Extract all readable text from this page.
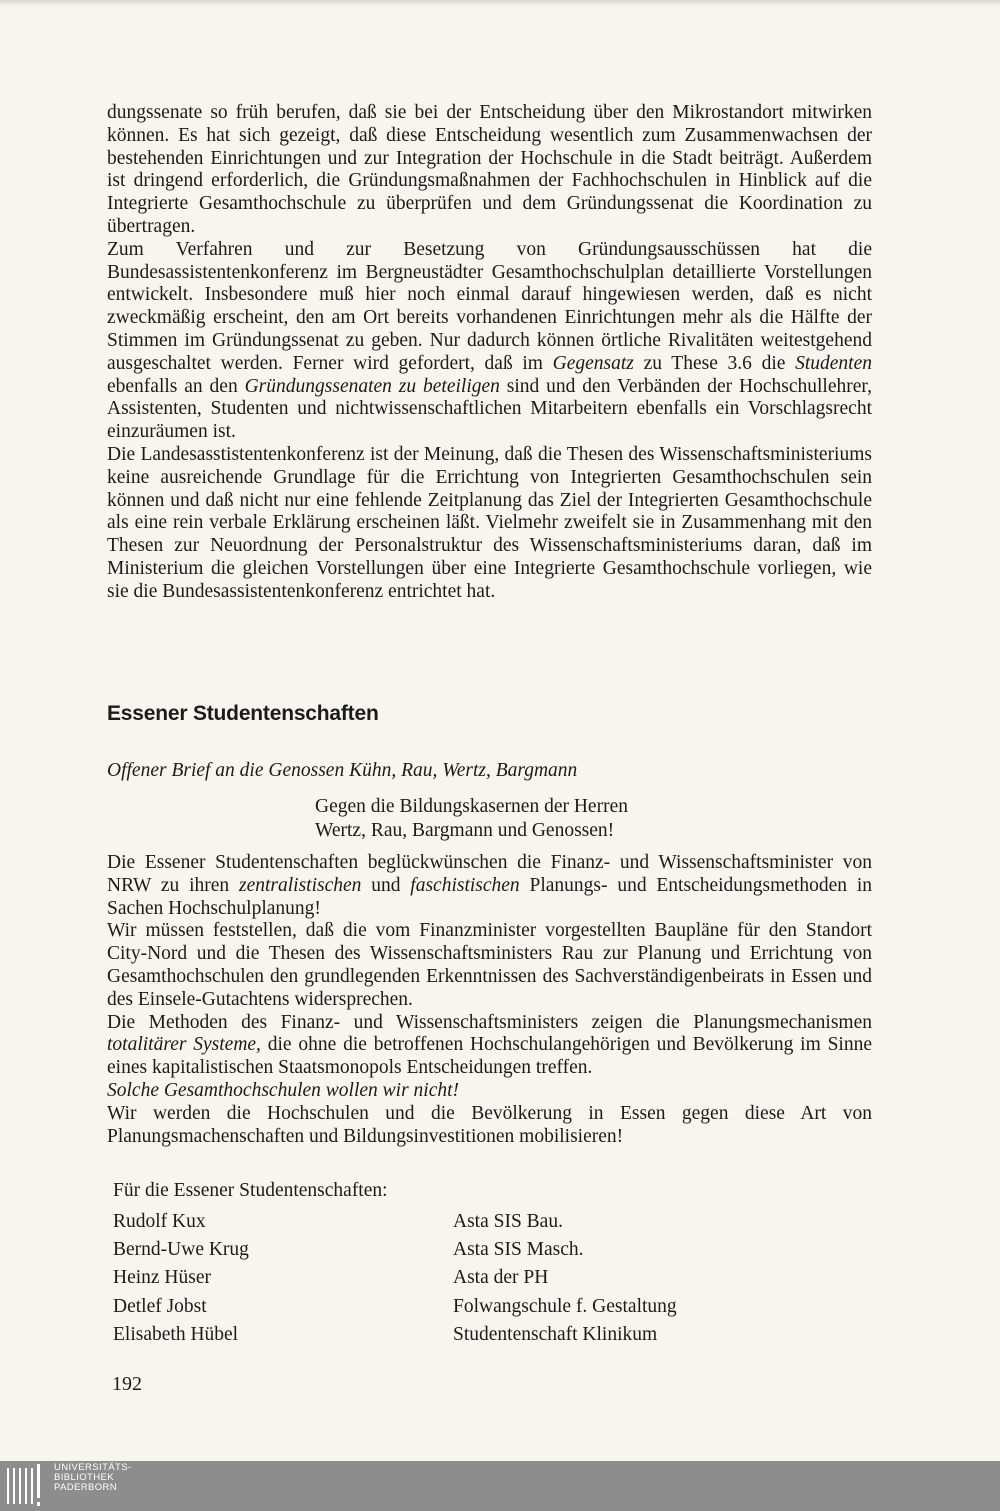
dungssenate so früh berufen, daß sie bei der Entscheidung über den Mikrostandort mitwirken können. Es hat sich gezeigt, daß diese Entscheidung wesentlich zum Zusammenwachsen der bestehenden Einrichtungen und zur Integration der Hochschule in die Stadt beiträgt. Außerdem ist dringend erforderlich, die Gründungsmaßnahmen der Fachhochschulen in Hinblick auf die Integrierte Gesamthochschule zu überprüfen und dem Gründungssenat die Koordination zu übertragen.

Zum Verfahren und zur Besetzung von Gründungsausschüssen hat die Bundesassistentenkonferenz im Bergneustädter Gesamthochschulplan detaillierte Vorstellungen entwickelt. Insbesondere muß hier noch einmal darauf hingewiesen werden, daß es nicht zweckmäßig erscheint, den am Ort bereits vorhandenen Einrichtungen mehr als die Hälfte der Stimmen im Gründungssenat zu geben. Nur dadurch können örtliche Rivalitäten weitestgehend ausgeschaltet werden. Ferner wird gefordert, daß im Gegensatz zu These 3.6 die Studenten ebenfalls an den Gründungssenaten zu beteiligen sind und den Verbänden der Hochschullehrer, Assistenten, Studenten und nichtwissenschaftlichen Mitarbeitern ebenfalls ein Vorschlagsrecht einzuräumen ist.

Die Landesasstistentenkonferenz ist der Meinung, daß die Thesen des Wissenschaftsministeriums keine ausreichende Grundlage für die Errichtung von Integrierten Gesamthochschulen sein können und daß nicht nur eine fehlende Zeitplanung das Ziel der Integrierten Gesamthochschule als eine rein verbale Erklärung erscheinen läßt. Vielmehr zweifelt sie in Zusammenhang mit den Thesen zur Neuordnung der Personalstruktur des Wissenschaftsministeriums daran, daß im Ministerium die gleichen Vorstellungen über eine Integrierte Gesamthochschule vorliegen, wie sie die Bundesassistentenkonferenz entrichtet hat.

Essener Studentenschaften

Offener Brief an die Genossen Kühn, Rau, Wertz, Bargmann

Gegen die Bildungskasernen der Herren
Wertz, Rau, Bargmann und Genossen!

Die Essener Studentenschaften beglückwünschen die Finanz- und Wissenschaftsminister von NRW zu ihren zentralistischen und faschistischen Planungs- und Entscheidungsmethoden in Sachen Hochschulplanung!

Wir müssen feststellen, daß die vom Finanzminister vorgestellten Baupläne für den Standort City-Nord und die Thesen des Wissenschaftsministers Rau zur Planung und Errichtung von Gesamthochschulen den grundlegenden Erkenntnissen des Sachverständigenbeirats in Essen und des Einsele-Gutachtens widersprechen.

Die Methoden des Finanz- und Wissenschaftsministers zeigen die Planungsmechanismen totalitärer Systeme, die ohne die betroffenen Hochschulangehörigen und Bevölkerung im Sinne eines kapitalistischen Staatsmonopols Entscheidungen treffen.

Solche Gesamthochschulen wollen wir nicht!

Wir werden die Hochschulen und die Bevölkerung in Essen gegen diese Art von Planungsmachenschaften und Bildungsinvestitionen mobilisieren!

Für die Essener Studentenschaften:

Rudolf Kux	Asta SIS Bau.
Bernd-Uwe Krug	Asta SIS Masch.
Heinz Hüser	Asta der PH
Detlef Jobst	Folwangschule f. Gestaltung
Elisabeth Hübel	Studentenschaft Klinikum

192

UNIVERSITÄTS-
BIBLIOTHEK
PADERBORN
